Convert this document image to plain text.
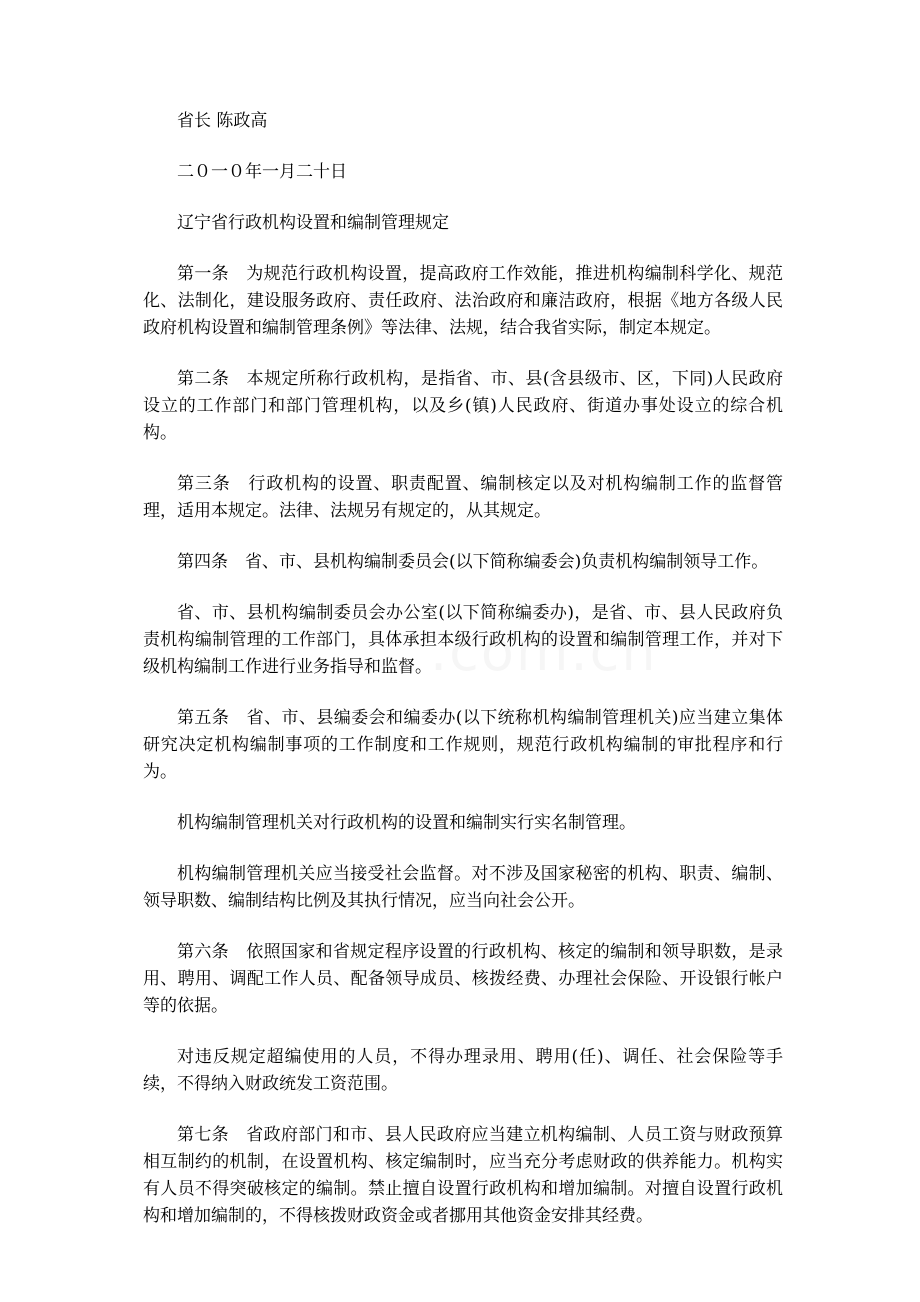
省长 陈政高

二０一０年一月二十日

辽宁省行政机构设置和编制管理规定

第一条　为规范行政机构设置，提高政府工作效能，推进机构编制科学化、规范化、法制化，建设服务政府、责任政府、法治政府和廉洁政府，根据《地方各级人民政府机构设置和编制管理条例》等法律、法规，结合我省实际，制定本规定。

第二条　本规定所称行政机构，是指省、市、县(含县级市、区，下同)人民政府设立的工作部门和部门管理机构，以及乡(镇)人民政府、街道办事处设立的综合机构。

第三条　行政机构的设置、职责配置、编制核定以及对机构编制工作的监督管理，适用本规定。法律、法规另有规定的，从其规定。

第四条　省、市、县机构编制委员会(以下简称编委会)负责机构编制领导工作。

省、市、县机构编制委员会办公室(以下简称编委办)，是省、市、县人民政府负责机构编制管理的工作部门，具体承担本级行政机构的设置和编制管理工作，并对下级机构编制工作进行业务指导和监督。

第五条　省、市、县编委会和编委办(以下统称机构编制管理机关)应当建立集体研究决定机构编制事项的工作制度和工作规则，规范行政机构编制的审批程序和行为。

机构编制管理机关对行政机构的设置和编制实行实名制管理。

机构编制管理机关应当接受社会监督。对不涉及国家秘密的机构、职责、编制、领导职数、编制结构比例及其执行情况，应当向社会公开。

第六条　依照国家和省规定程序设置的行政机构、核定的编制和领导职数，是录用、聘用、调配工作人员、配备领导成员、核拨经费、办理社会保险、开设银行帐户等的依据。

对违反规定超编使用的人员，不得办理录用、聘用(任)、调任、社会保险等手续，不得纳入财政统发工资范围。

第七条　省政府部门和市、县人民政府应当建立机构编制、人员工资与财政预算相互制约的机制，在设置机构、核定编制时，应当充分考虑财政的供养能力。机构实有人员不得突破核定的编制。禁止擅自设置行政机构和增加编制。对擅自设置行政机构和增加编制的，不得核拨财政资金或者挪用其他资金安排其经费。
